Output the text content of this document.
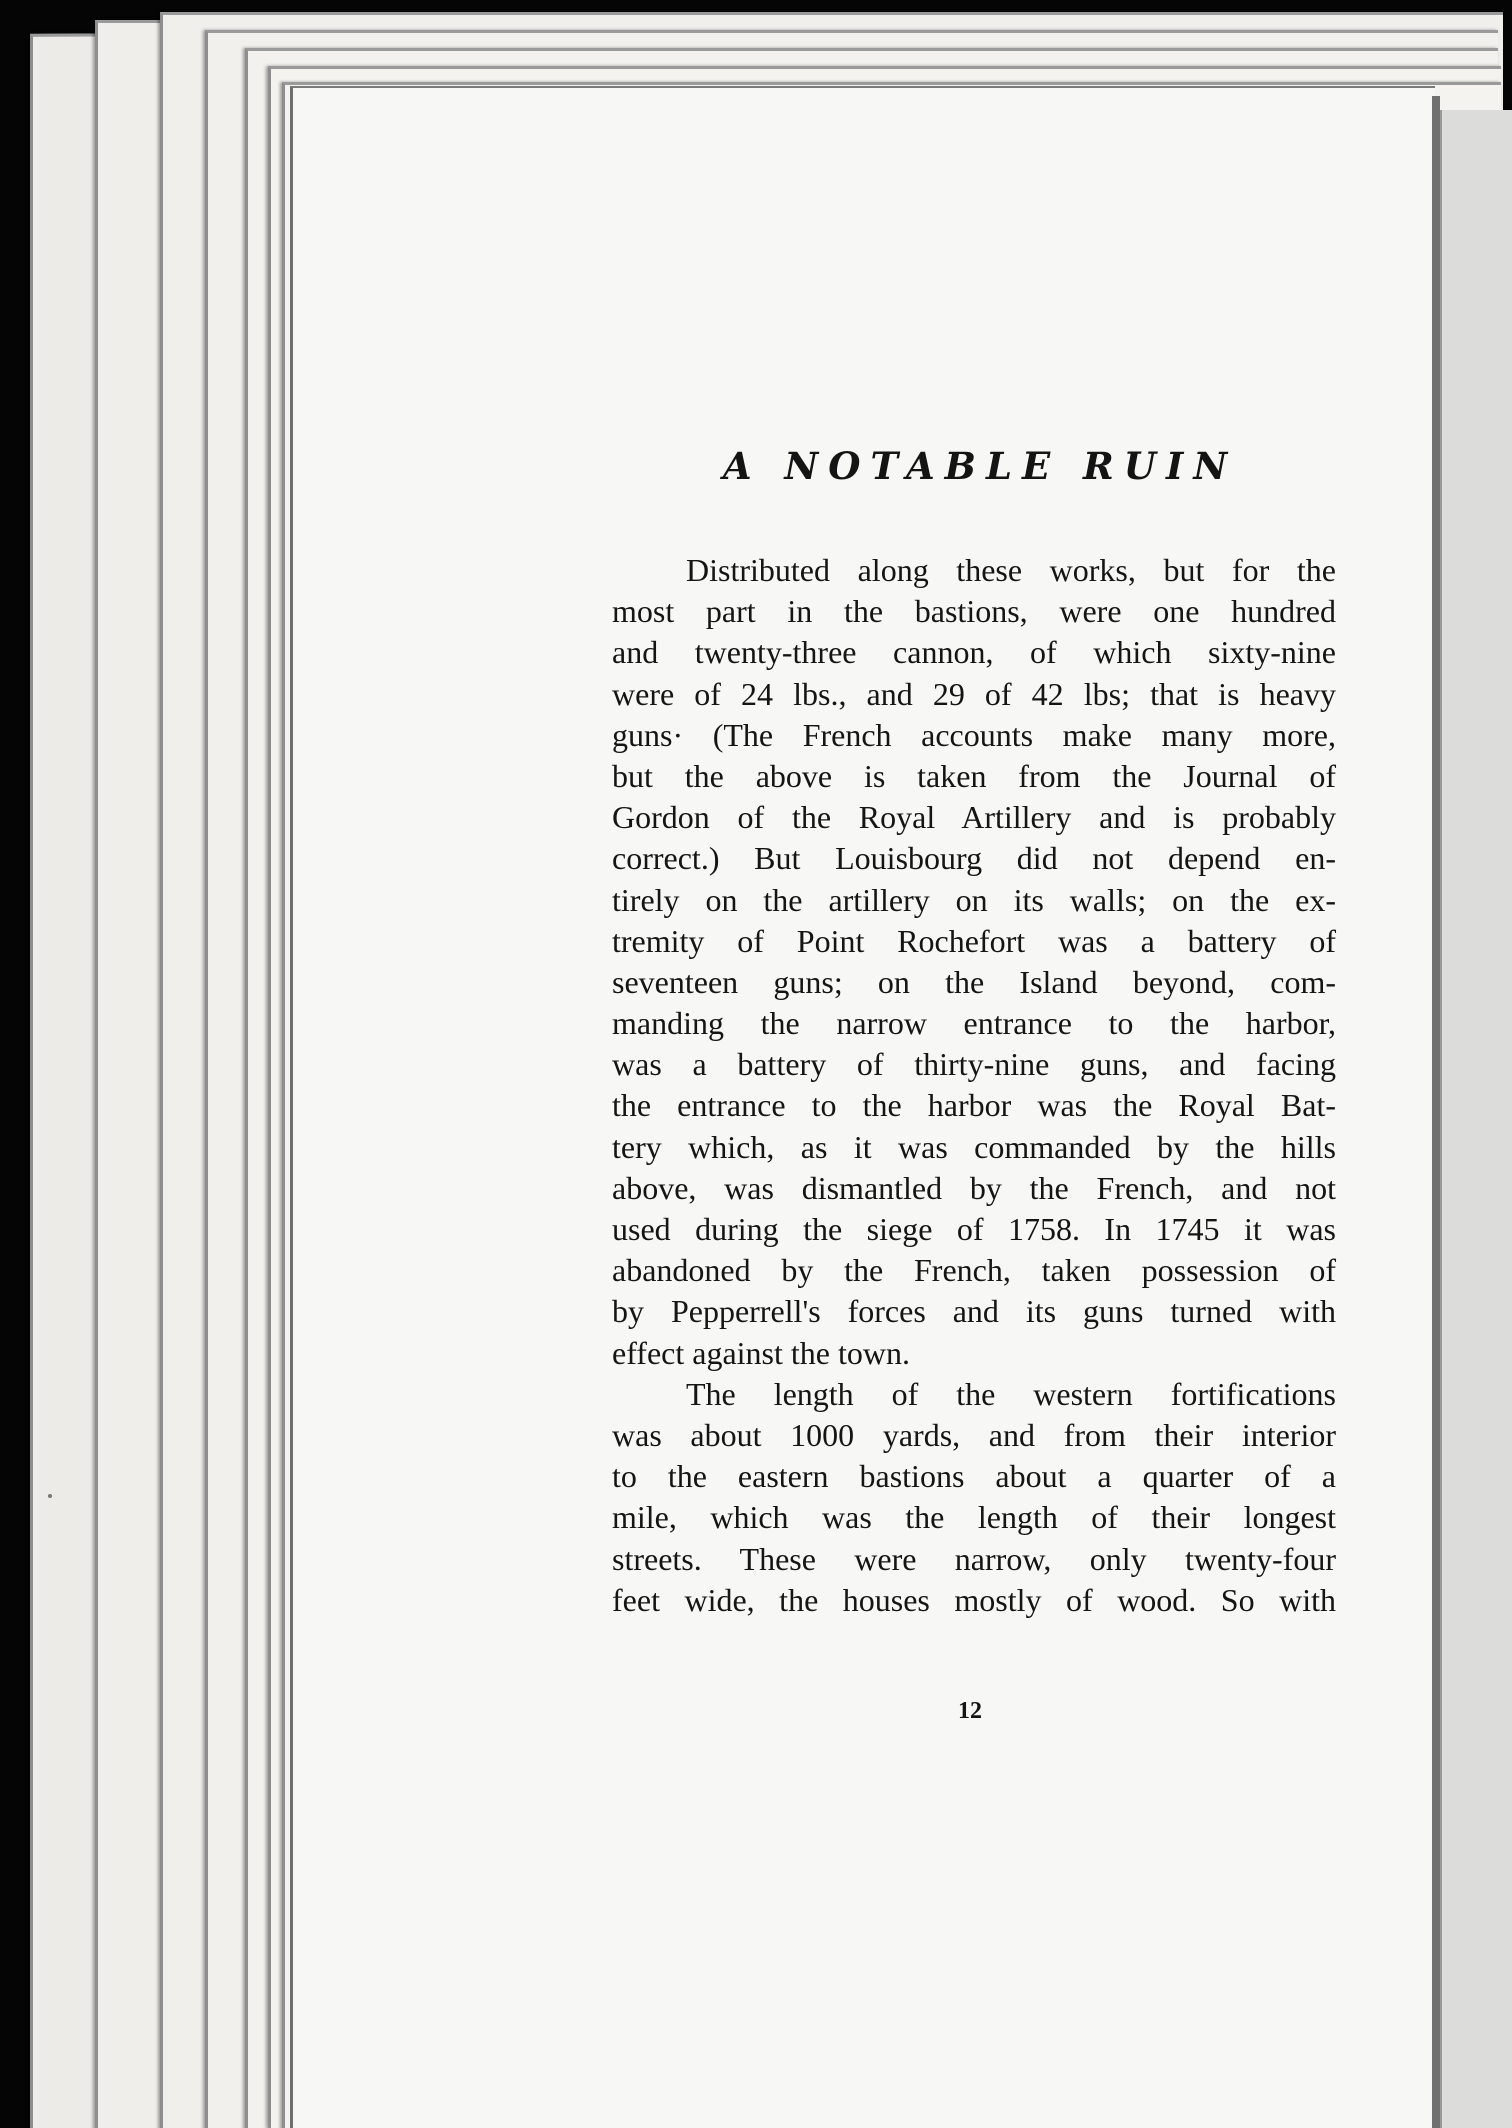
A NOTABLE RUIN
Distributed along these works, but for the
most part in the bastions, were one hundred
and twenty-three cannon, of which sixty-nine
were of 24 lbs., and 29 of 42 lbs; that is heavy
guns· (The French accounts make many more,
but the above is taken from the Journal of
Gordon of the Royal Artillery and is probably
correct.) But Louisbourg did not depend en-
tirely on the artillery on its walls; on the ex-
tremity of Point Rochefort was a battery of
seventeen guns; on the Island beyond, com-
manding the narrow entrance to the harbor,
was a battery of thirty-nine guns, and facing
the entrance to the harbor was the Royal Bat-
tery which, as it was commanded by the hills
above, was dismantled by the French, and not
used during the siege of 1758. In 1745 it was
abandoned by the French, taken possession of
by Pepperrell's forces and its guns turned with
effect against the town.
The length of the western fortifications
was about 1000 yards, and from their interior
to the eastern bastions about a quarter of a
mile, which was the length of their longest
streets. These were narrow, only twenty-four
feet wide, the houses mostly of wood. So with
12
